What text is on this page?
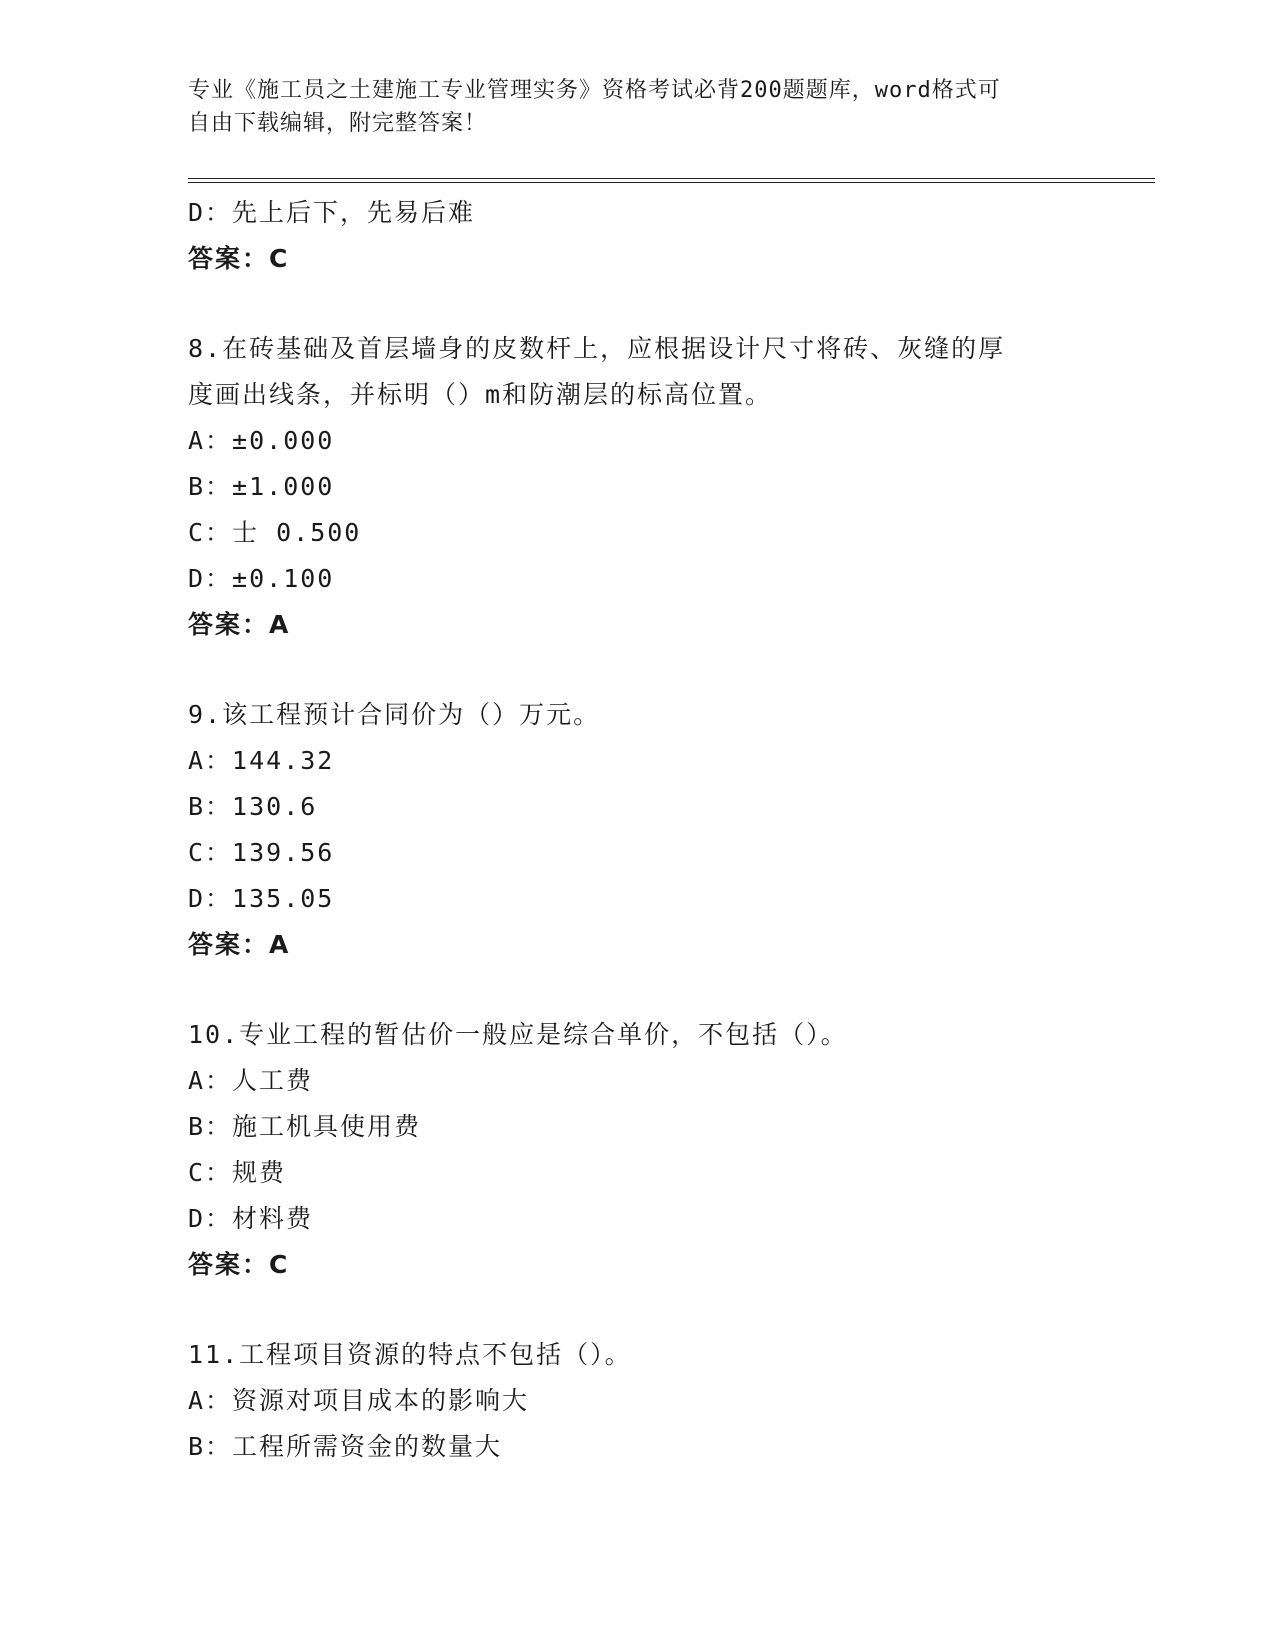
专业《施工员之土建施工专业管理实务》资格考试必背200题题库，word格式可
自由下载编辑，附完整答案！
D：先上后下，先易后难
答案：C
8.在砖基础及首层墙身的皮数杆上，应根据设计尺寸将砖、灰缝的厚
度画出线条，并标明（）m和防潮层的标高位置。
A：±0.000
B：±1.000
C：士 0.500
D：±0.100
答案：A
9.该工程预计合同价为（）万元。
A：144.32
B：130.6
C：139.56
D：135.05
答案：A
10.专业工程的暂估价一般应是综合单价，不包括（）。
A：人工费
B：施工机具使用费
C：规费
D：材料费
答案：C
11.工程项目资源的特点不包括（）。
A：资源对项目成本的影响大
B：工程所需资金的数量大
